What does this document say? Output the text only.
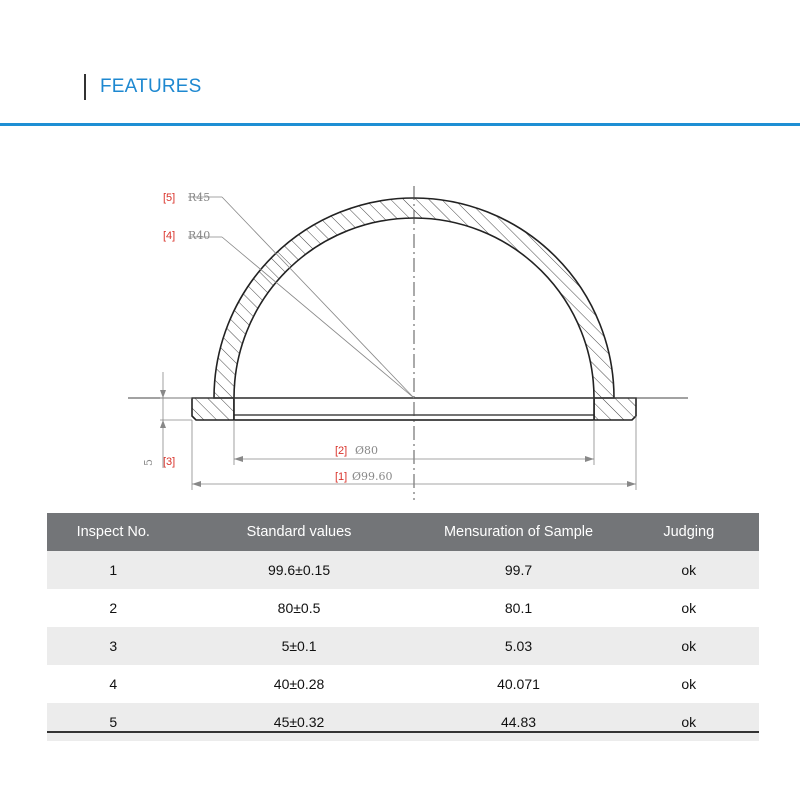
FEATURES
[5] R45
[4] R40
5 [3]
[2] Ø80
[1] Ø99.60
Inspect No.	Standard values	Mensuration of Sample	Judging
1	99.6±0.15	99.7	ok
2	80±0.5	80.1	ok
3	5±0.1	5.03	ok
4	40±0.28	40.071	ok
5	45±0.32	44.83	ok
